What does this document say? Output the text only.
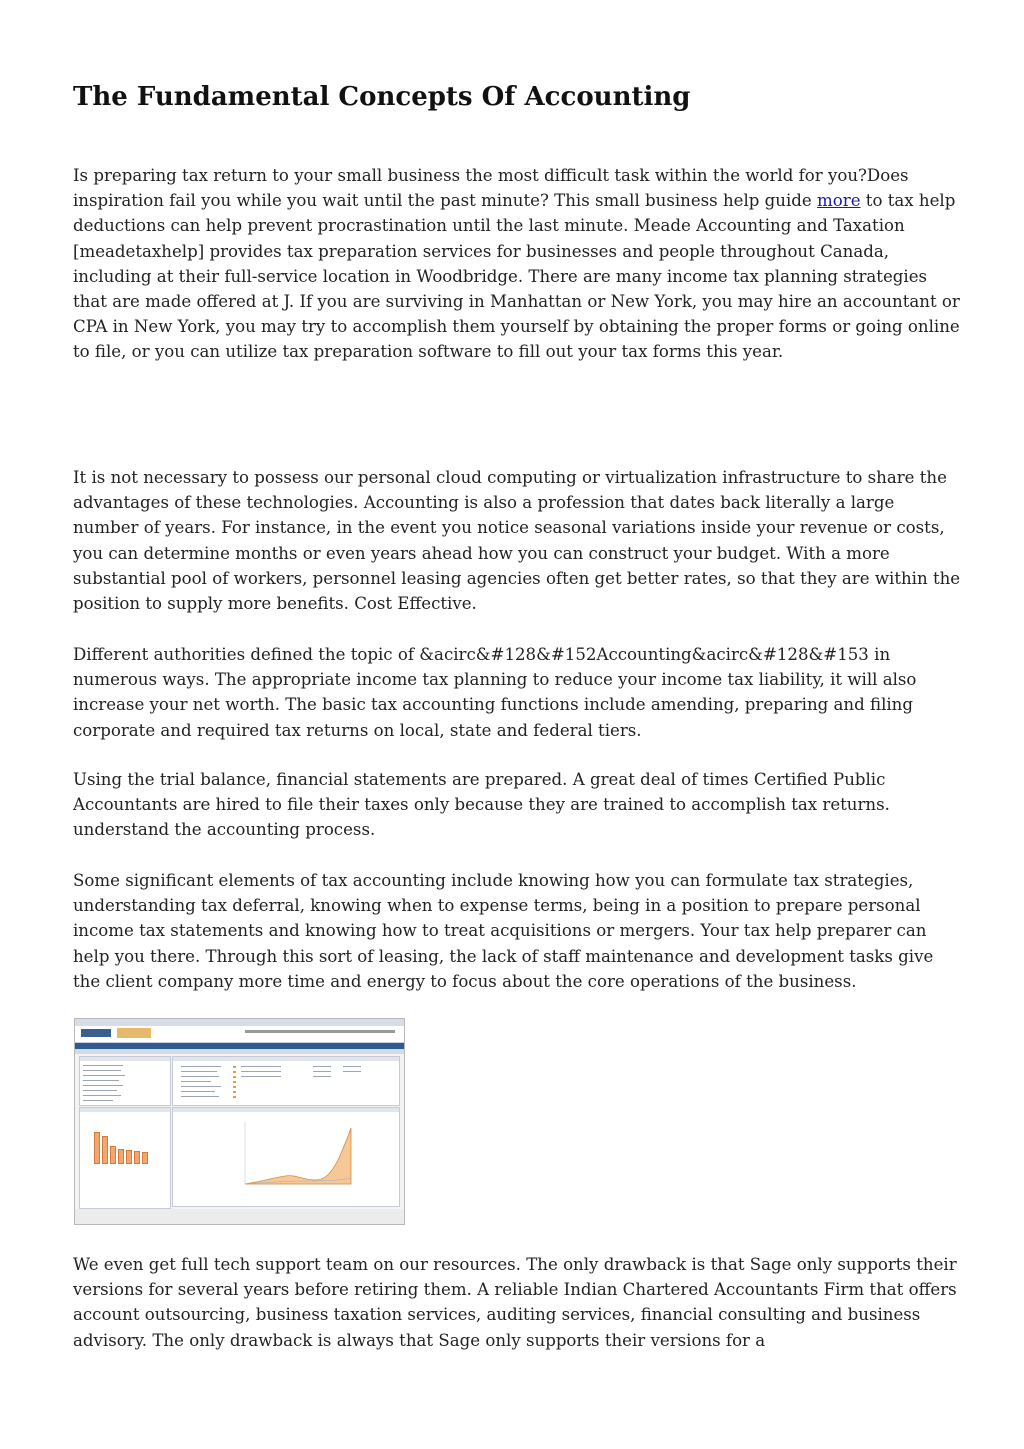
The Fundamental Concepts Of Accounting

Is preparing tax return to your small business the most difficult task within the world for you?Does inspiration fail you while you wait until the past minute? This small business help guide more to tax help deductions can help prevent procrastination until the last minute. Meade Accounting and Taxation [meadetaxhelp] provides tax preparation services for businesses and people throughout Canada, including at their full-service location in Woodbridge. There are many income tax planning strategies that are made offered at J. If you are surviving in Manhattan or New York, you may hire an accountant or CPA in New York, you may try to accomplish them yourself by obtaining the proper forms or going online to file, or you can utilize tax preparation software to fill out your tax forms this year.

It is not necessary to possess our personal cloud computing or virtualization infrastructure to share the advantages of these technologies. Accounting is also a profession that dates back literally a large number of years. For instance, in the event you notice seasonal variations inside your revenue or costs, you can determine months or even years ahead how you can construct your budget. With a more substantial pool of workers, personnel leasing agencies often get better rates, so that they are within the position to supply more benefits. Cost Effective.

Different authorities defined the topic of &acirc&#128&#152Accounting&acirc&#128&#153 in numerous ways. The appropriate income tax planning to reduce your income tax liability, it will also increase your net worth. The basic tax accounting functions include amending, preparing and filing corporate and required tax returns on local, state and federal tiers.

Using the trial balance, financial statements are prepared. A great deal of times Certified Public Accountants are hired to file their taxes only because they are trained to accomplish tax returns. understand the accounting process.

Some significant elements of tax accounting include knowing how you can formulate tax strategies, understanding tax deferral, knowing when to expense terms, being in a position to prepare personal income tax statements and knowing how to treat acquisitions or mergers. Your tax help preparer can help you there. Through this sort of leasing, the lack of staff maintenance and development tasks give the client company more time and energy to focus about the core operations of the business.

We even get full tech support team on our resources. The only drawback is that Sage only supports their versions for several years before retiring them. A reliable Indian Chartered Accountants Firm that offers account outsourcing, business taxation services, auditing services, financial consulting and business advisory. The only drawback is always that Sage only supports their versions for a
